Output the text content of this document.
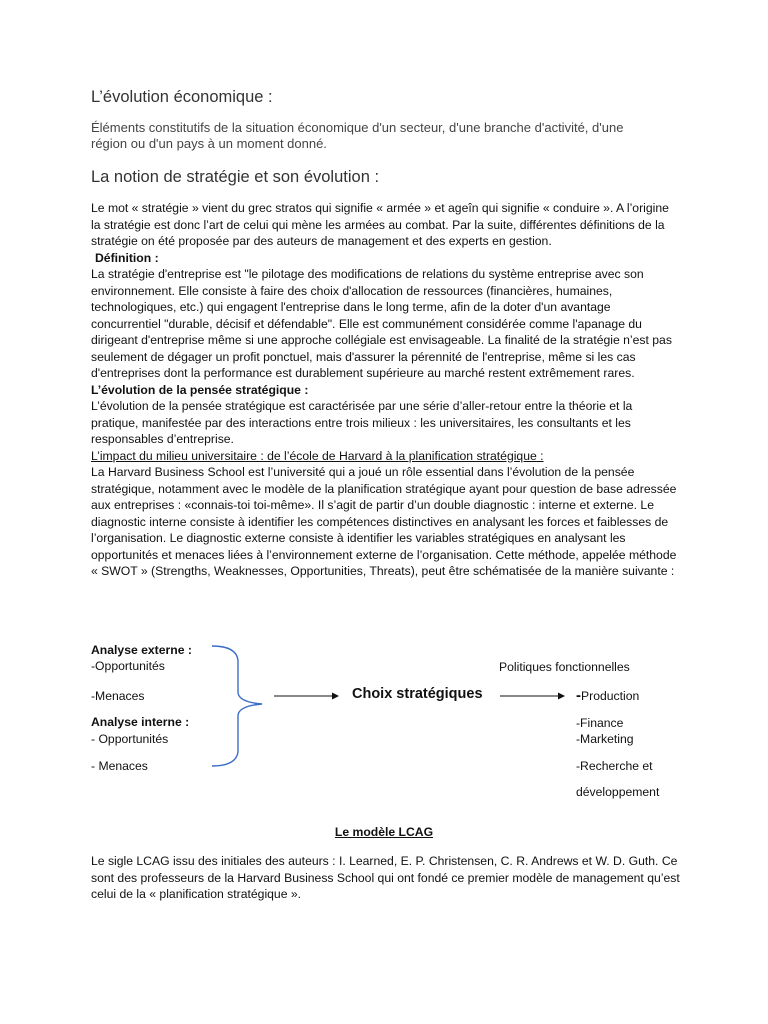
L’évolution économique :
Éléments constitutifs de la situation économique d'un secteur, d'une branche d'activité, d'une région ou d'un pays à un moment donné.
La notion de stratégie et son évolution :

Le mot « stratégie » vient du grec stratos qui signifie « armée » et ageîn qui signifie « conduire ». A l’origine la stratégie est donc l’art de celui qui mène les armées au combat. Par la suite, différentes définitions de la stratégie on été proposée par des auteurs de management et des experts en gestion.

Définition :

La stratégie d'entreprise est "le pilotage des modifications de relations du système entreprise avec son environnement. Elle consiste à faire des choix d'allocation de ressources (financières, humaines, technologiques, etc.) qui engagent l'entreprise dans le long terme, afin de la doter d'un avantage concurrentiel "durable, décisif et défendable". Elle est communément considérée comme l'apanage du dirigeant d'entreprise même si une approche collégiale est envisageable. La finalité de la stratégie n’est pas seulement de dégager un profit ponctuel, mais d'assurer la pérennité de l'entreprise, même si les cas d'entreprises dont la performance est durablement supérieure au marché restent extrêmement rares.

L’évolution de la pensée stratégique :

L’évolution de la pensée stratégique est caractérisée par une série d’aller-retour entre la théorie et la pratique, manifestée par des interactions entre trois milieux : les universitaires, les consultants et les responsables d’entreprise.

L’impact du milieu universitaire : de l’école de Harvard à la planification stratégique :

La Harvard Business School est l’université qui a joué un rôle essential dans l’évolution de la pensée stratégique, notamment avec le modèle de la planification stratégique ayant pour question de base adressée aux entreprises : «connais-toi toi-même». Il s’agit de partir d’un double diagnostic : interne et externe. Le diagnostic interne consiste à identifier les compétences distinctives en analysant les forces et faiblesses de l’organisation. Le diagnostic externe consiste à identifier les variables stratégiques en analysant les opportunités et menaces liées à l’environnement externe de l’organisation. Cette méthode, appelée méthode « SWOT » (Strengths, Weaknesses, Opportunities, Threats), peut être schématisée de la manière suivante :

Analyse externe :
-Opportunités
-Menaces
Analyse interne :
- Opportunités
- Menaces
Choix stratégiques
Politiques fonctionnelles
-Production
-Finance
-Marketing
-Recherche et
développement
Le modèle LCAG
Le sigle LCAG issu des initiales des auteurs : I. Learned, E. P. Christensen, C. R. Andrews et W. D. Guth. Ce sont des professeurs de la Harvard Business School qui ont fondé ce premier modèle de management qu’est celui de la « planification stratégique ».
